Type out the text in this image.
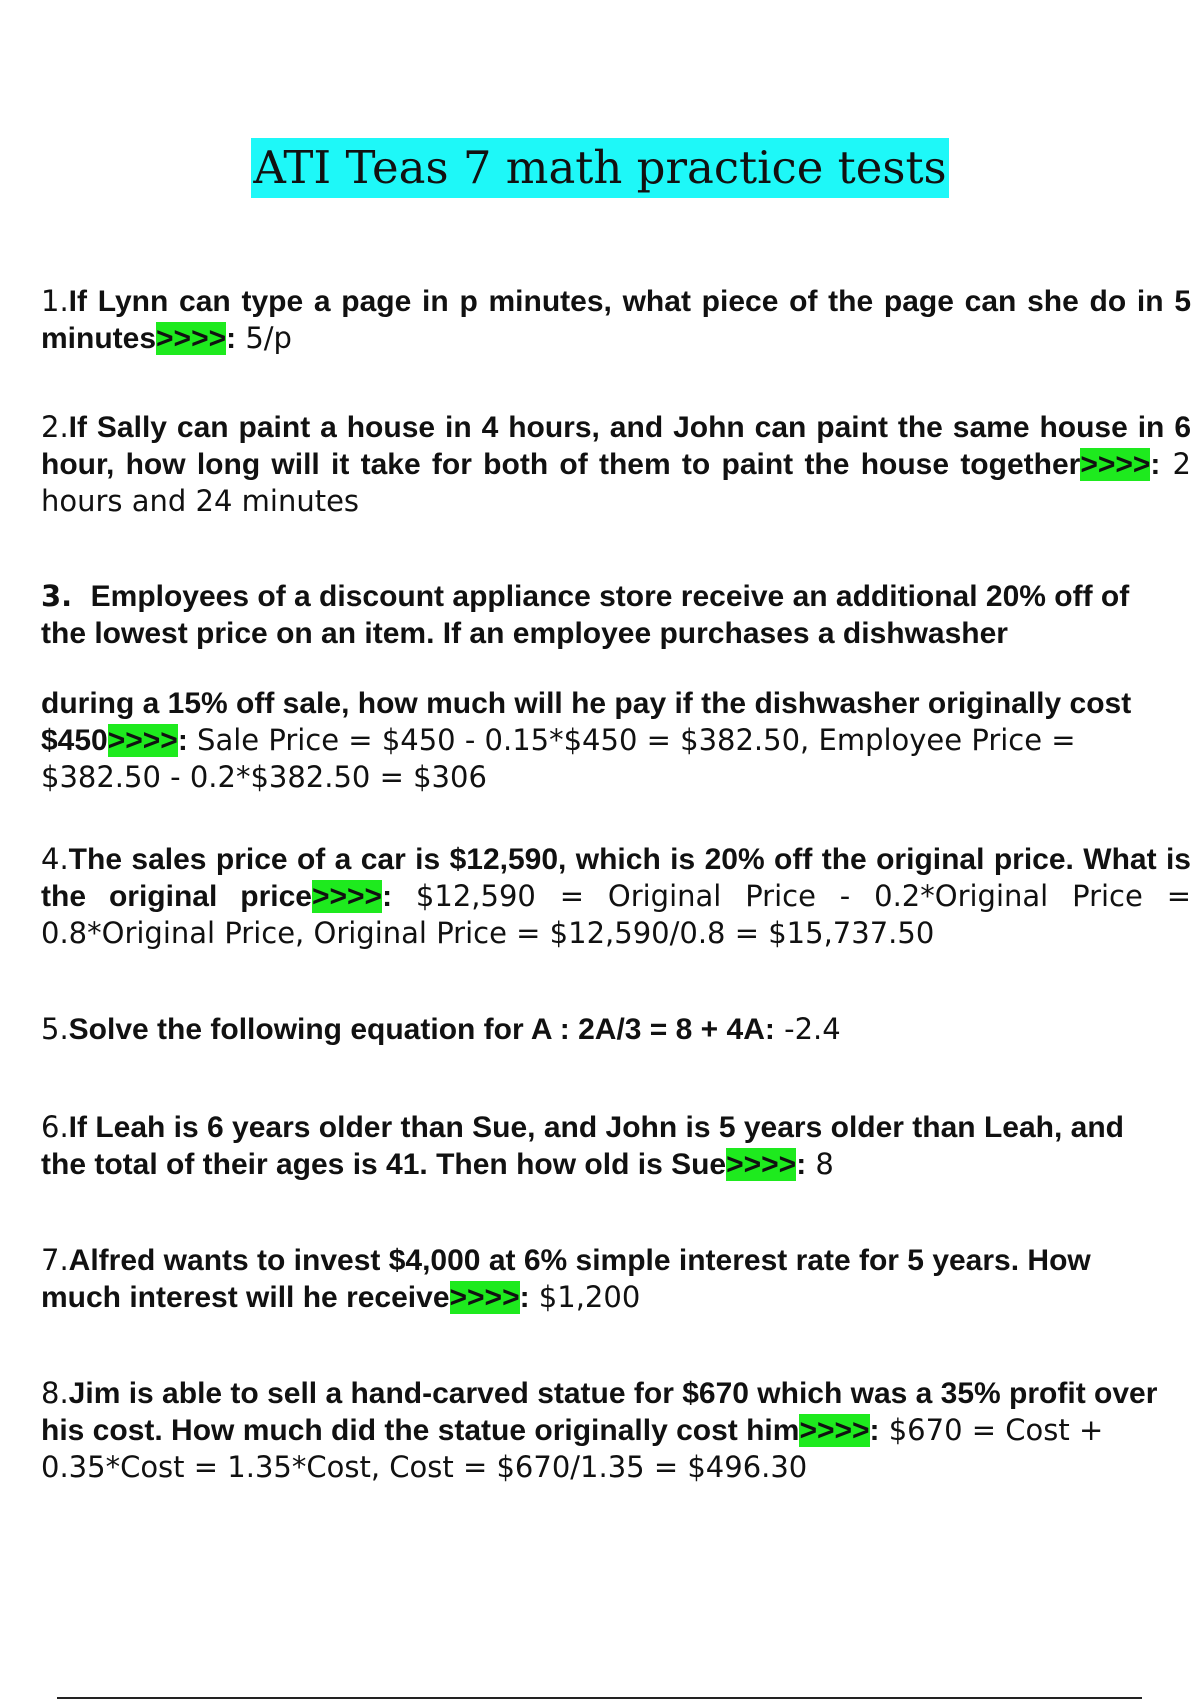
ATI Teas 7 math practice tests
1.If Lynn can type a page in p minutes, what piece of the page can she do in 5 minutes>>>>: 5/p
2.If Sally can paint a house in 4 hours, and John can paint the same house in 6 hour, how long will it take for both of them to paint the house together>>>>: 2 hours and 24 minutes
3. Employees of a discount appliance store receive an additional 20% off of the lowest price on an item. If an employee purchases a dishwasher
during a 15% off sale, how much will he pay if the dishwasher originally cost
$450>>>>: Sale Price = $450 - 0.15*$450 = $382.50, Employee Price = $382.50 - 0.2*$382.50 = $306
4.The sales price of a car is $12,590, which is 20% off the original price. What is the original price>>>>: $12,590 = Original Price - 0.2*Original Price = 0.8*Original Price, Original Price = $12,590/0.8 = $15,737.50
5.Solve the following equation for A : 2A/3 = 8 + 4A: -2.4
6.If Leah is 6 years older than Sue, and John is 5 years older than Leah, and the total of their ages is 41. Then how old is Sue>>>>: 8
7.Alfred wants to invest $4,000 at 6% simple interest rate for 5 years. How much interest will he receive>>>>: $1,200
8.Jim is able to sell a hand-carved statue for $670 which was a 35% profit over his cost. How much did the statue originally cost him>>>>: $670 = Cost + 0.35*Cost = 1.35*Cost, Cost = $670/1.35 = $496.30
